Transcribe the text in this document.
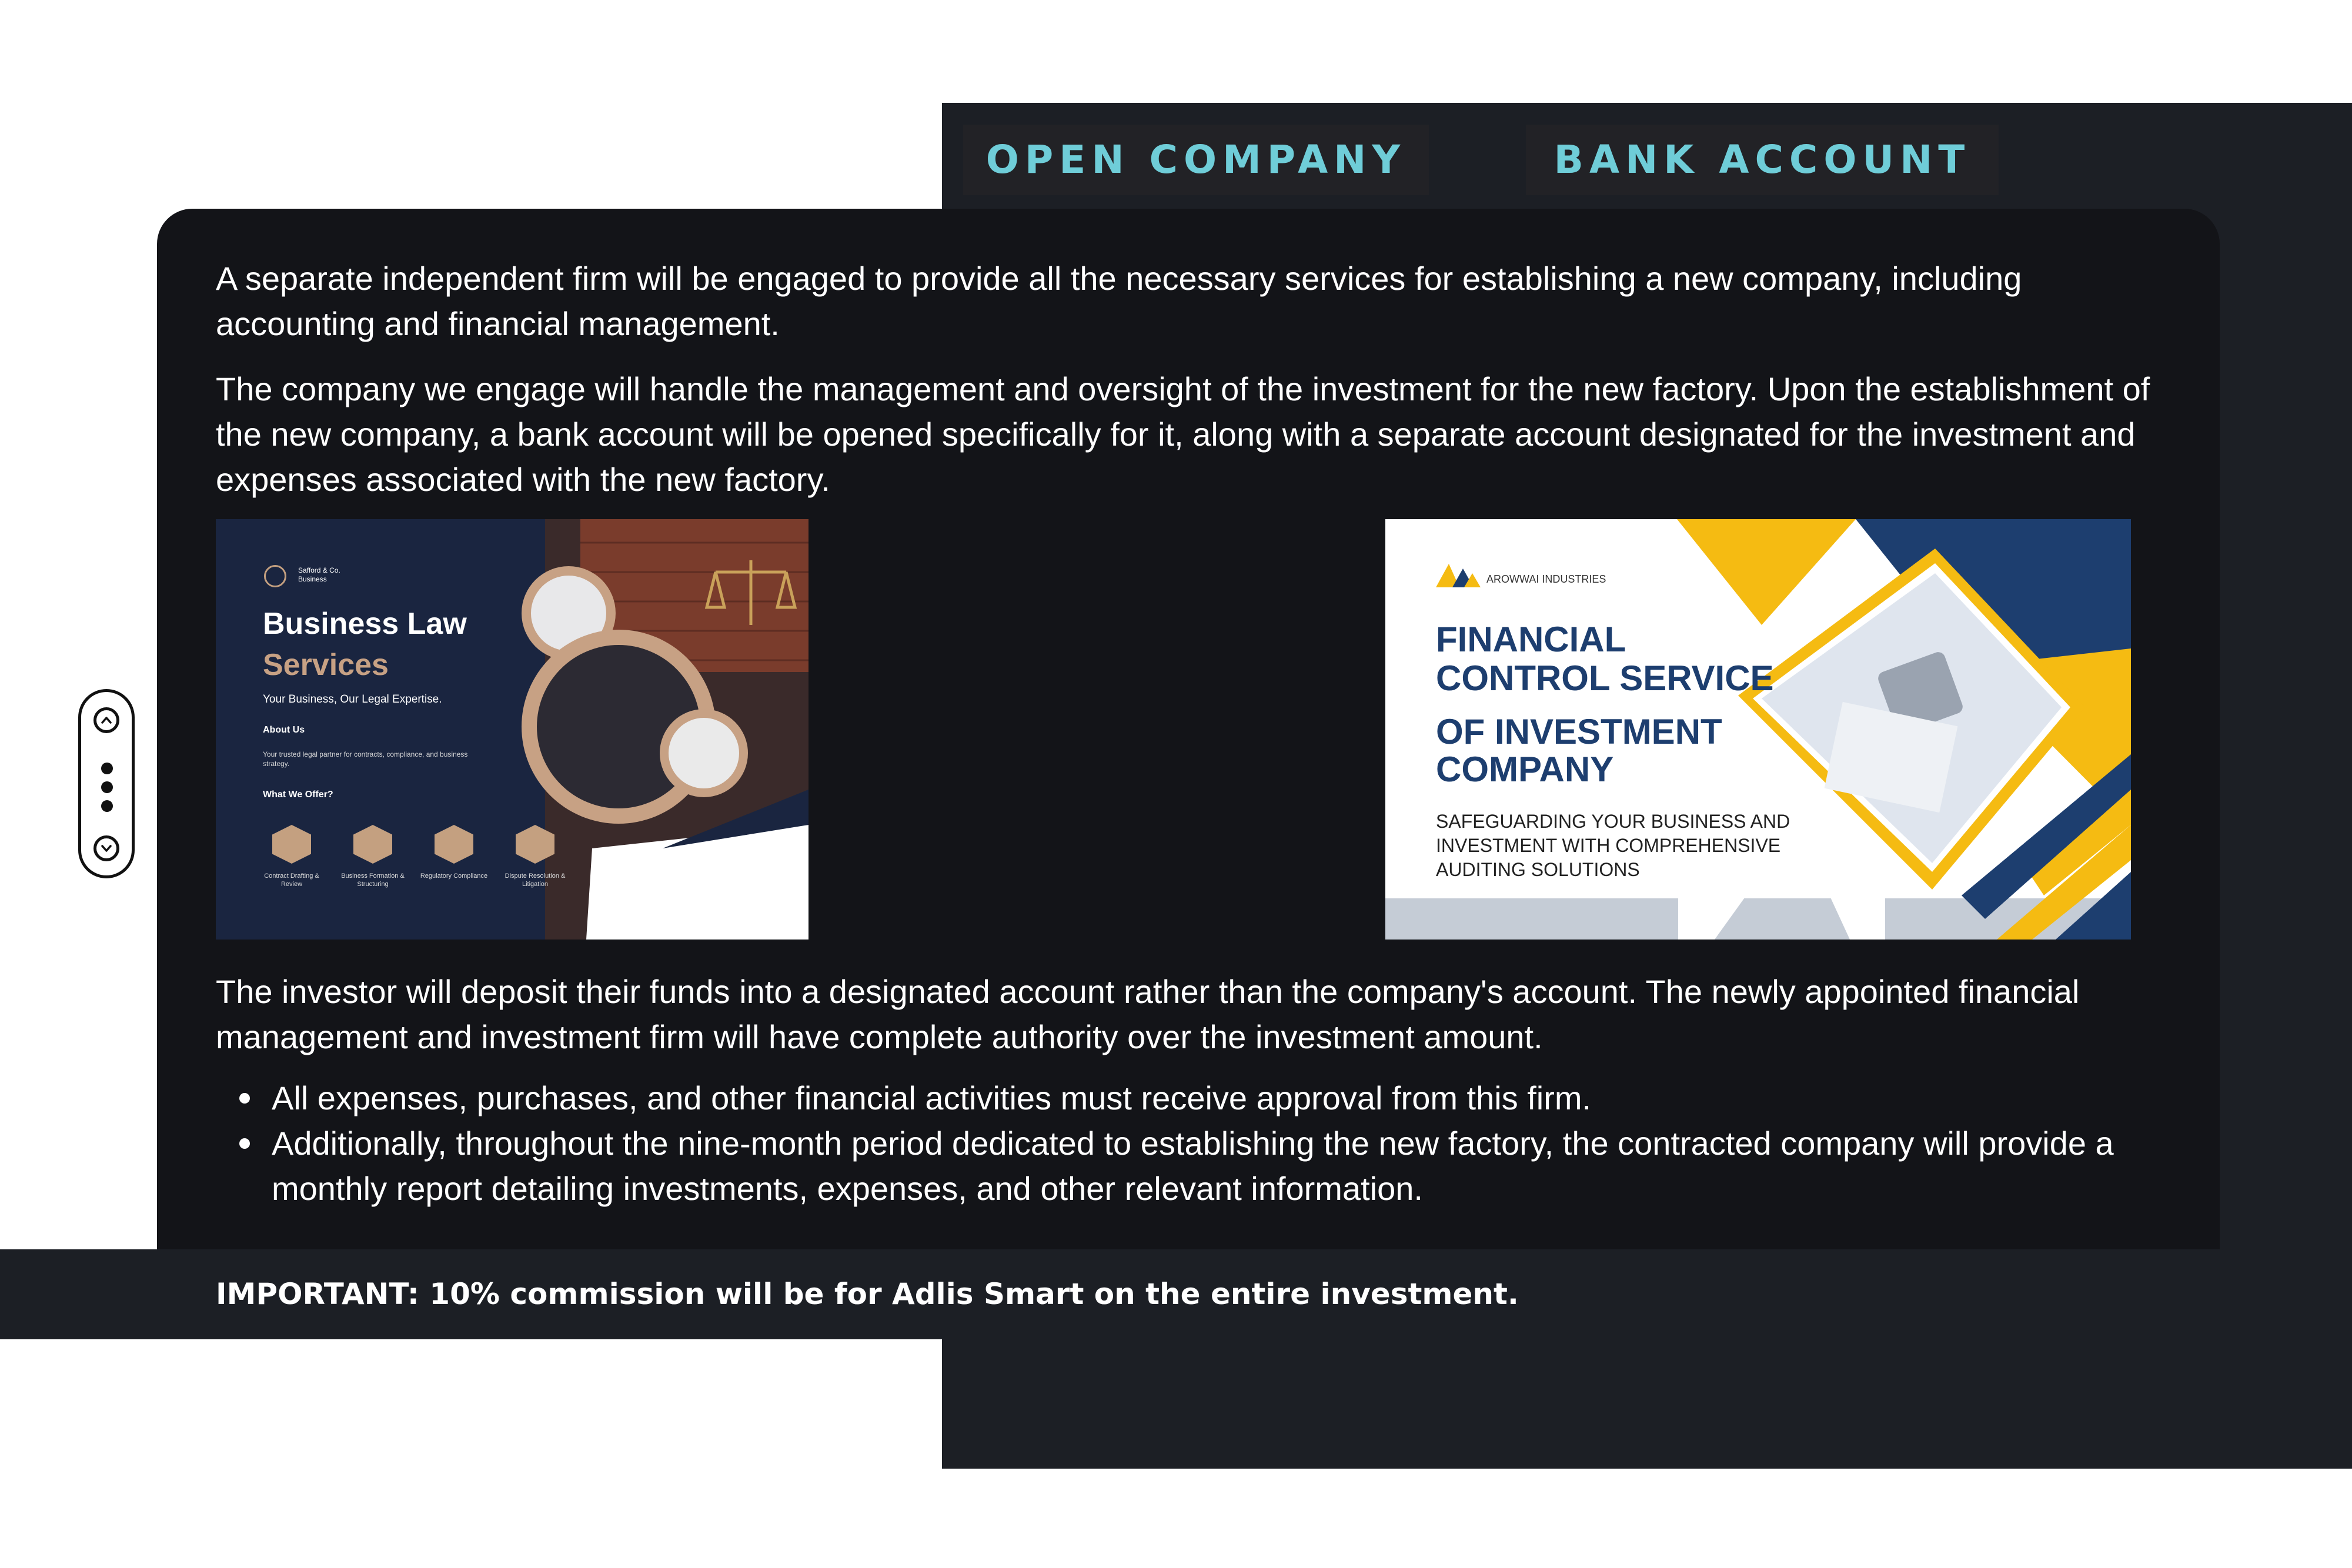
OPEN COMPANY	BANK ACCOUNT

A separate independent firm will be engaged to provide all the necessary services for establishing a new company, including accounting and financial management.

The company we engage will handle the management and oversight of the investment for the new factory. Upon the establishment of the new company, a bank account will be opened specifically for it, along with a separate account designated for the investment and expenses associated with the new factory.

Safford & Co.
Business
Business Law
Services
Your Business, Our Legal Expertise.
About Us
Your trusted legal partner for contracts, compliance, and business strategy.
What We Offer?
Contract Drafting & Review
Business Formation & Structuring
Regulatory Compliance	Dispute Resolution & Litigation
AROWWAI INDUSTRIES
FINANCIAL CONTROL SERVICE
OF INVESTMENT COMPANY
SAFEGUARDING YOUR BUSINESS AND INVESTMENT WITH COMPREHENSIVE AUDITING SOLUTIONS

The investor will deposit their funds into a designated account rather than the company's account. The newly appointed financial management and investment firm will have complete authority over the investment amount.

All expenses, purchases, and other financial activities must receive approval from this firm.
Additionally, throughout the nine-month period dedicated to establishing the new factory, the contracted company will provide a monthly report detailing investments, expenses, and other relevant information.
IMPORTANT: 10% commission will be for Adlis Smart on the entire investment.
